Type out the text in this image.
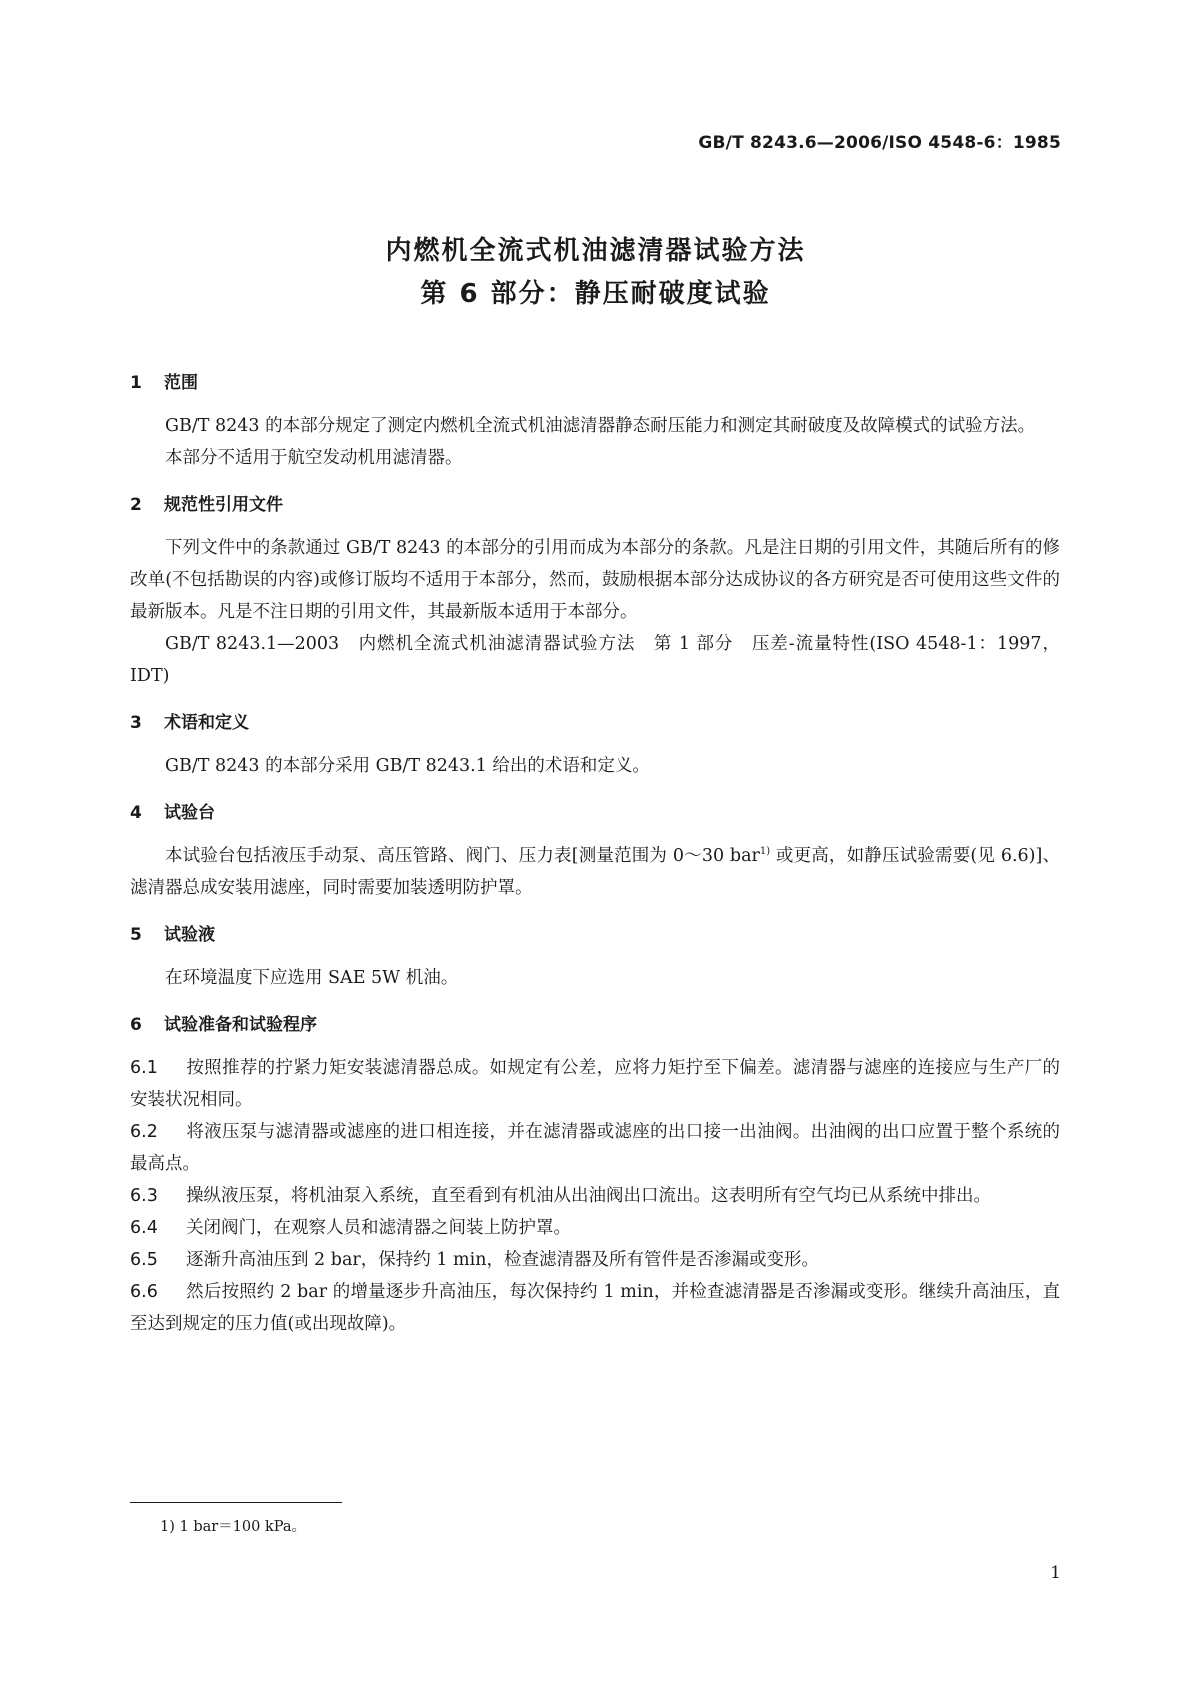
GB/T 8243.6—2006/ISO 4548-6：1985
内燃机全流式机油滤清器试验方法
第 6 部分：静压耐破度试验
1 范围

GB/T 8243 的本部分规定了测定内燃机全流式机油滤清器静态耐压能力和测定其耐破度及故障模式的试验方法。

本部分不适用于航空发动机用滤清器。

2 规范性引用文件

下列文件中的条款通过 GB/T 8243 的本部分的引用而成为本部分的条款。凡是注日期的引用文件，其随后所有的修改单(不包括勘误的内容)或修订版均不适用于本部分，然而，鼓励根据本部分达成协议的各方研究是否可使用这些文件的最新版本。凡是不注日期的引用文件，其最新版本适用于本部分。

GB/T 8243.1—2003　内燃机全流式机油滤清器试验方法　第 1 部分　压差-流量特性(ISO 4548-1：1997，IDT)

3 术语和定义

GB/T 8243 的本部分采用 GB/T 8243.1 给出的术语和定义。

4 试验台

本试验台包括液压手动泵、高压管路、阀门、压力表[测量范围为 0～30 bar$^{1)}$ 或更高，如静压试验需要(见 6.6)]、滤清器总成安装用滤座，同时需要加装透明防护罩。

5 试验液

在环境温度下应选用 SAE 5W 机油。

6 试验准备和试验程序

6.1 按照推荐的拧紧力矩安装滤清器总成。如规定有公差，应将力矩拧至下偏差。滤清器与滤座的连接应与生产厂的安装状况相同。

6.2 将液压泵与滤清器或滤座的进口相连接，并在滤清器或滤座的出口接一出油阀。出油阀的出口应置于整个系统的最高点。

6.3 操纵液压泵，将机油泵入系统，直至看到有机油从出油阀出口流出。这表明所有空气均已从系统中排出。

6.4 关闭阀门，在观察人员和滤清器之间装上防护罩。

6.5 逐渐升高油压到 2 bar，保持约 1 min，检查滤清器及所有管件是否渗漏或变形。

6.6 然后按照约 2 bar 的增量逐步升高油压，每次保持约 1 min，并检查滤清器是否渗漏或变形。继续升高油压，直至达到规定的压力值(或出现故障)。

1) 1 bar＝100 kPa。
1
